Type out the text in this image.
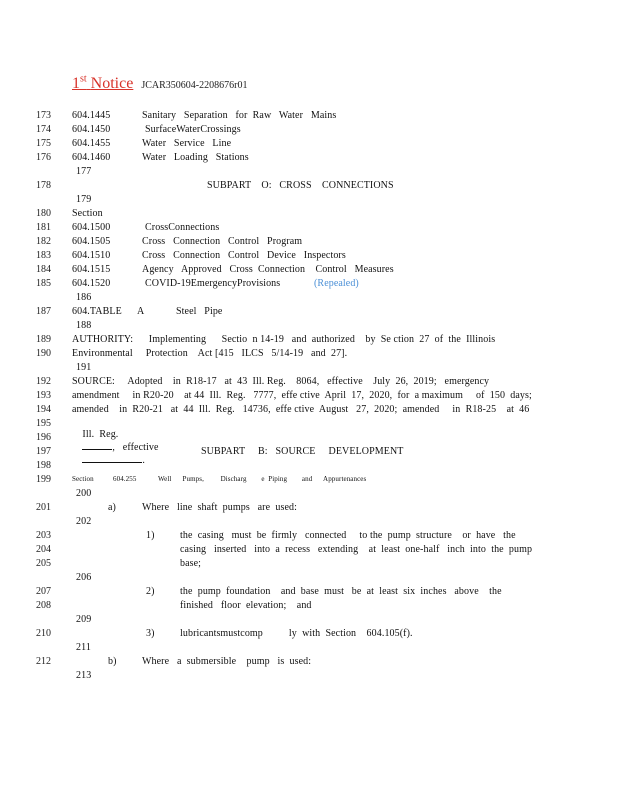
1st Notice JCAR350604-2208676r01
173
174
175
176
178
180
181
182
183
184
185
187
189
190
192
193
194
195
196
197
198
199
201
203
204
205
207
208
210
212
177
179
186
188
191
200
202
206
209
211
213
604.1445	Sanitary   Separation   for  Raw   Water   Mains
604.1450	SurfaceWaterCrossings
604.1455	Water   Service   Line
604.1460	Water   Loading   Stations
SUBPART    O:   CROSS    CONNECTIONS
Section
604.1500	CrossConnections
604.1505	Cross   Connection   Control   Program
604.1510	Cross   Connection   Control   Device   Inspectors
604.1515	Agency   Approved   Cross  Connection    Control   Measures
604.1520	COVID-19EmergencyProvisions	(Repealed)
604.TABLE A	Steel   Pipe
AUTHORITY:      Implementing      Sectio  n 14-19   and  authorized    by  Se ction  27  of  the  Illinois
Environmental     Protection    Act [415   ILCS   5/14-19   and  27].
SOURCE:     Adopted    in  R18-17   at  43  Ill. Reg.    8064,   effective    July  26,  2019;   emergency
amendment     in R20-20    at 44  Ill.  Reg.   7777,  effe ctive  April  17,  2020,  for  a maximum     of  150  days;
amended    in  R20-21   at  44  Ill.  Reg.   14736,  effe ctive  August   27,  2020;  amended     in  R18-25    at  46

Ill.  Reg.
,   effective
.

SUBPART     B:   SOURCE     DEVELOPMENT
Section	604.255	Well      Pumps,         Discharg        e  Piping        and      Appurtenances
a)	Where   line  shaft  pumps   are  used:
1)	the  casing   must  be  firmly   connected     to the  pump  structure    or  have   the
casing   inserted   into  a  recess   extending    at  least  one-half   inch  into  the  pump
base;
2)	the  pump  foundation    and  base  must   be  at  least  six  inches   above    the
finished   floor  elevation;    and
3)	lubricantsmustcomp          ly  with  Section    604.105(f).
b)	Where   a  submersible    pump   is  used:
